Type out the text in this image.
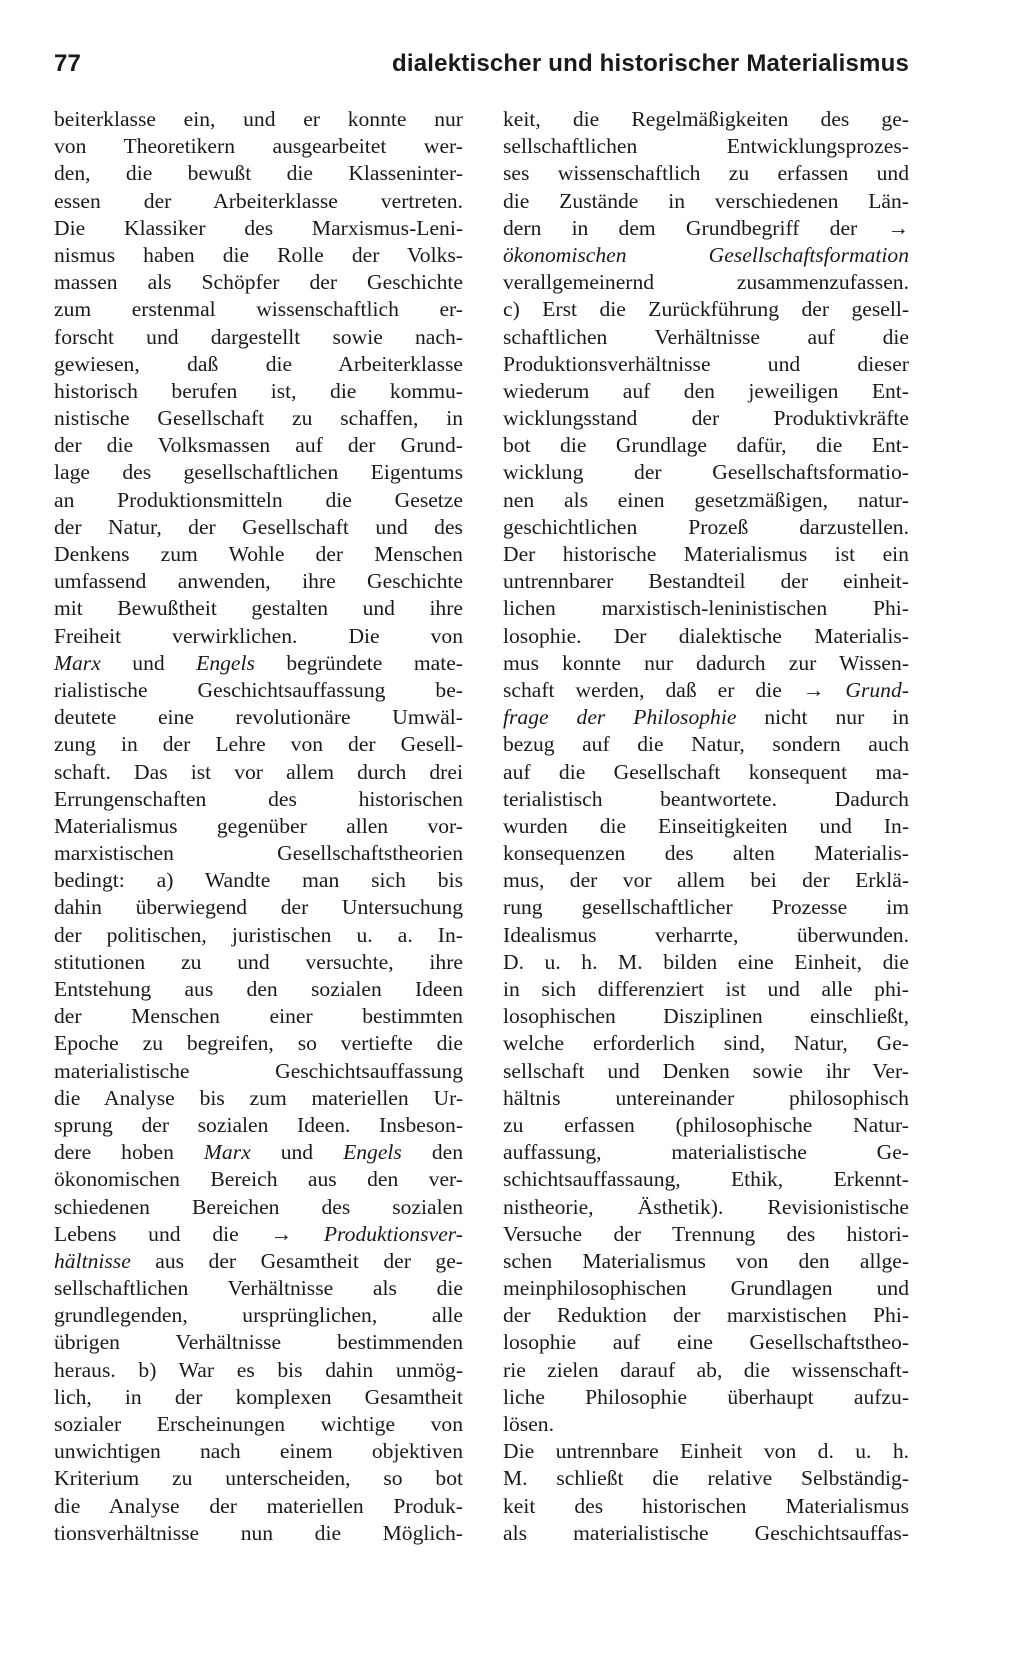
77	dialektischer und historischer Materialismus
beiterklasse ein, und er konnte nur
von Theoretikern ausgearbeitet wer-
den, die bewußt die Klasseninter-
essen der Arbeiterklasse vertreten.
Die Klassiker des Marxismus-Leni-
nismus haben die Rolle der Volks-
massen als Schöpfer der Geschichte
zum erstenmal wissenschaftlich er-
forscht und dargestellt sowie nach-
gewiesen, daß die Arbeiterklasse
historisch berufen ist, die kommu-
nistische Gesellschaft zu schaffen, in
der die Volksmassen auf der Grund-
lage des gesellschaftlichen Eigentums
an Produktionsmitteln die Gesetze
der Natur, der Gesellschaft und des
Denkens zum Wohle der Menschen
umfassend anwenden, ihre Geschichte
mit Bewußtheit gestalten und ihre
Freiheit verwirklichen. Die von
Marx und Engels begründete mate-
rialistische Geschichtsauffassung be-
deutete eine revolutionäre Umwäl-
zung in der Lehre von der Gesell-
schaft. Das ist vor allem durch drei
Errungenschaften	des	historischen
Materialismus gegenüber allen vor-
marxistischen	Gesellschaftstheorien
bedingt: a) Wandte man sich bis
dahin überwiegend der Untersuchung
der politischen, juristischen u. a. In-
stitutionen zu und versuchte, ihre
Entstehung aus den sozialen Ideen
der Menschen einer bestimmten
Epoche zu begreifen, so vertiefte die
materialistische	Geschichtsauffassung
die Analyse bis zum materiellen Ur-
sprung der sozialen Ideen. Insbeson-
dere hoben Marx und Engels den
ökonomischen Bereich aus den ver-
schiedenen Bereichen des sozialen
Lebens und die → Produktionsver-
hältnisse aus der Gesamtheit der ge-
sellschaftlichen Verhältnisse als die
grundlegenden,	ursprünglichen,	alle
übrigen	Verhältnisse	bestimmenden
heraus. b) War es bis dahin unmög-
lich, in der komplexen Gesamtheit
sozialer Erscheinungen wichtige von
unwichtigen nach einem objektiven
Kriterium zu unterscheiden, so bot
die Analyse der materiellen Produk-
tionsverhältnisse nun die Möglich-
keit, die Regelmäßigkeiten des ge-
sellschaftlichen	Entwicklungsprozes-
ses wissenschaftlich zu erfassen und
die Zustände in verschiedenen Län-
dern in dem Grundbegriff der →
ökonomischen	Gesellschaftsformation
verallgemeinernd	zusammenzufassen.
c) Erst die Zurückführung der gesell-
schaftlichen Verhältnisse auf die
Produktionsverhältnisse	und	dieser
wiederum auf den jeweiligen Ent-
wicklungsstand	der	Produktivkräfte
bot die Grundlage dafür, die Ent-
wicklung der Gesellschaftsformatio-
nen als einen gesetzmäßigen, natur-
geschichtlichen Prozeß darzustellen.
Der historische Materialismus ist ein
untrennbarer Bestandteil der einheit-
lichen marxistisch-leninistischen Phi-
losophie. Der dialektische Materialis-
mus konnte nur dadurch zur Wissen-
schaft werden, daß er die → Grund-
frage der Philosophie nicht nur in
bezug auf die Natur, sondern auch
auf die Gesellschaft konsequent ma-
terialistisch	beantwortete.	Dadurch
wurden die Einseitigkeiten und In-
konsequenzen des alten Materialis-
mus, der vor allem bei der Erklä-
rung gesellschaftlicher Prozesse im
Idealismus	verharrte,	überwunden.
D. u. h. M. bilden eine Einheit, die
in sich differenziert ist und alle phi-
losophischen Disziplinen einschließt,
welche erforderlich sind, Natur, Ge-
sellschaft und Denken sowie ihr Ver-
hältnis	untereinander	philosophisch
zu erfassen (philosophische Natur-
auffassung,	materialistische	Ge-
schichtsauffassaung, Ethik, Erkennt-
nistheorie, Ästhetik). Revisionistische
Versuche der Trennung des histori-
schen Materialismus von den allge-
meinphilosophischen Grundlagen und
der Reduktion der marxistischen Phi-
losophie auf eine Gesellschaftstheo-
rie zielen darauf ab, die wissenschaft-
liche Philosophie überhaupt aufzu-
lösen.
Die untrennbare Einheit von d. u. h.
M. schließt die relative Selbständig-
keit des historischen Materialismus
als materialistische Geschichtsauffas-
